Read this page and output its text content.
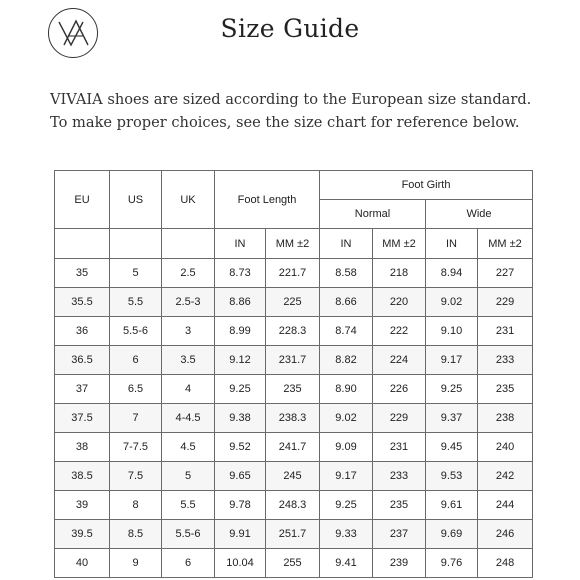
Size Guide
VIVAIA shoes are sized according to the European size standard.
To make proper choices, see the size chart for reference below.
EU	US	UK	Foot Length		Foot Girth			
					Normal		Wide	
			IN	MM ±2	IN	MM ±2	IN	MM ±2
35	5	2.5	8.73	221.7	8.58	218	8.94	227
35.5	5.5	2.5-3	8.86	225	8.66	220	9.02	229
36	5.5-6	3	8.99	228.3	8.74	222	9.10	231
36.5	6	3.5	9.12	231.7	8.82	224	9.17	233
37	6.5	4	9.25	235	8.90	226	9.25	235
37.5	7	4-4.5	9.38	238.3	9.02	229	9.37	238
38	7-7.5	4.5	9.52	241.7	9.09	231	9.45	240
38.5	7.5	5	9.65	245	9.17	233	9.53	242
39	8	5.5	9.78	248.3	9.25	235	9.61	244
39.5	8.5	5.5-6	9.91	251.7	9.33	237	9.69	246
40	9	6	10.04	255	9.41	239	9.76	248
